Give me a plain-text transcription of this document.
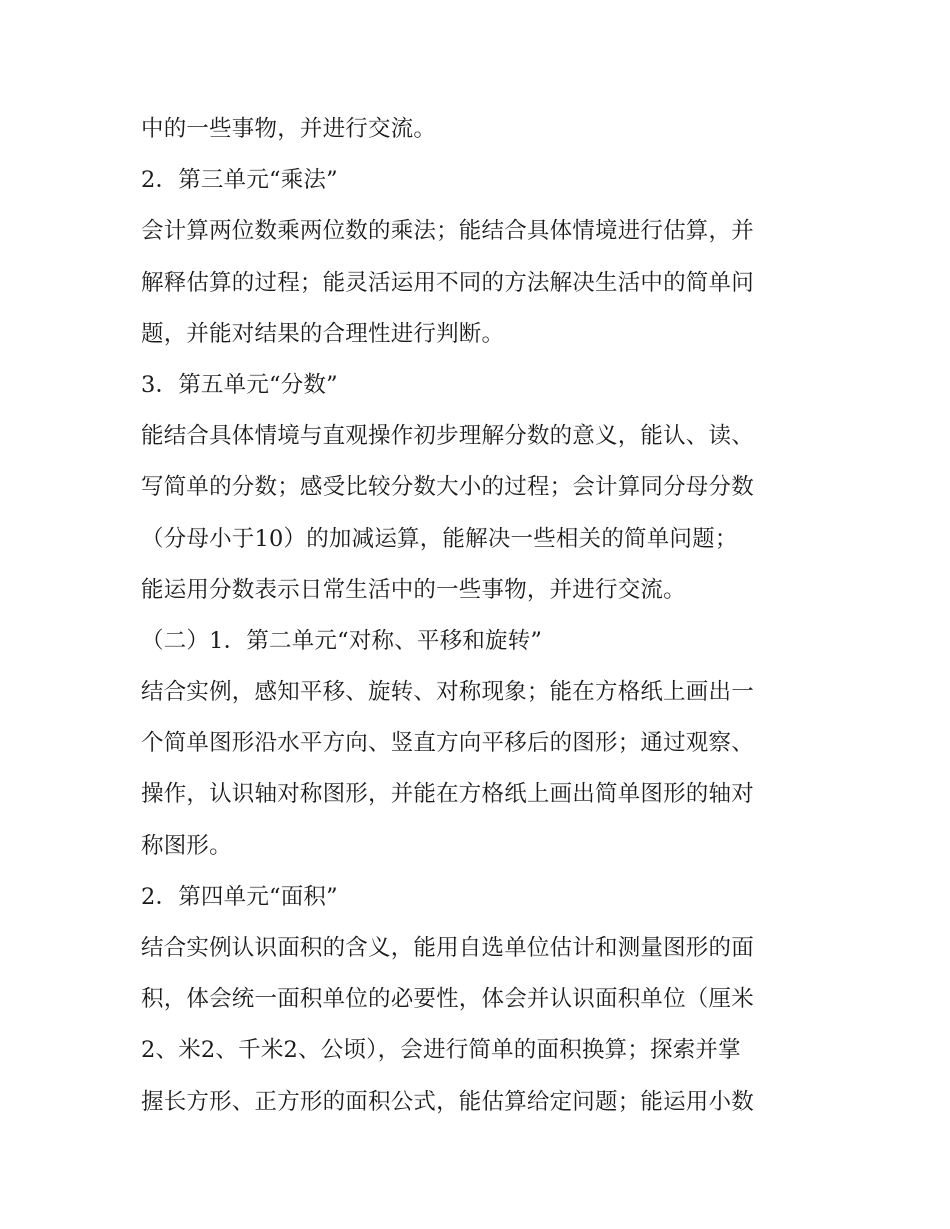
中的一些事物，并进行交流。
2．第三单元“乘法”
会计算两位数乘两位数的乘法；能结合具体情境进行估算，并
解释估算的过程；能灵活运用不同的方法解决生活中的简单问
题，并能对结果的合理性进行判断。
3．第五单元“分数”
能结合具体情境与直观操作初步理解分数的意义，能认、读、
写简单的分数；感受比较分数大小的过程；会计算同分母分数
（分母小于10）的加减运算，能解决一些相关的简单问题；
能运用分数表示日常生活中的一些事物，并进行交流。
（二）1．第二单元“对称、平移和旋转”
结合实例，感知平移、旋转、对称现象；能在方格纸上画出一
个简单图形沿水平方向、竖直方向平移后的图形；通过观察、
操作，认识轴对称图形，并能在方格纸上画出简单图形的轴对
称图形。
2．第四单元“面积”
结合实例认识面积的含义，能用自选单位估计和测量图形的面
积，体会统一面积单位的必要性，体会并认识面积单位（厘米
2、米2、千米2、公顷），会进行简单的面积换算；探索并掌
握长方形、正方形的面积公式，能估算给定问题；能运用小数
